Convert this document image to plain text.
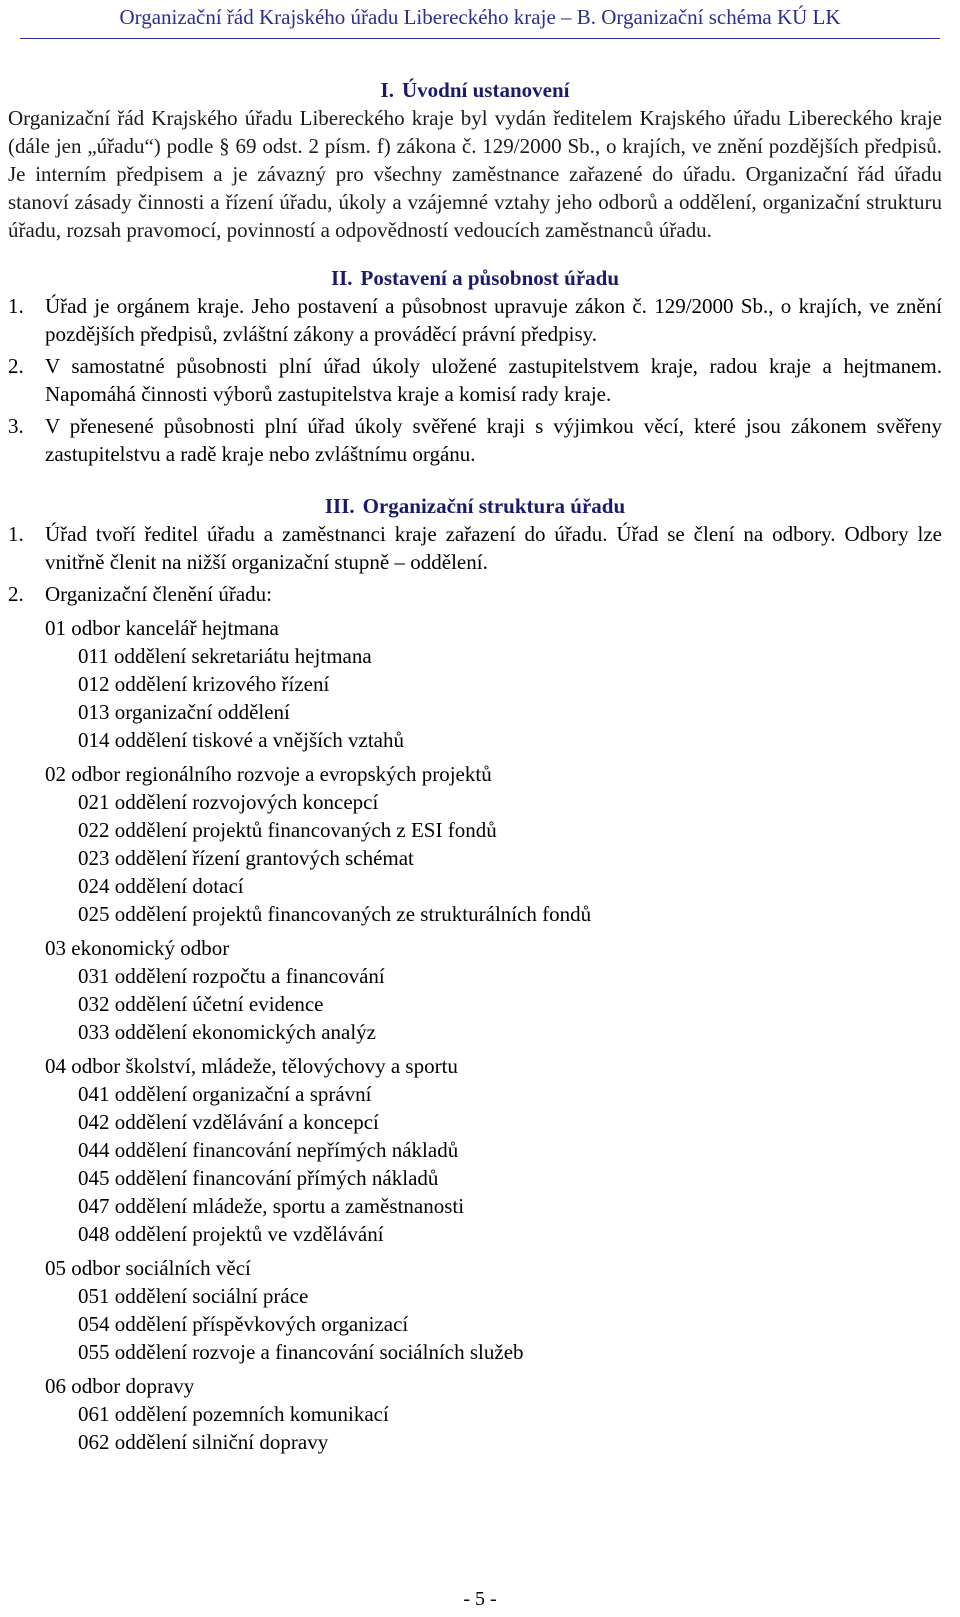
Organizační řád Krajského úřadu Libereckého kraje – B. Organizační schéma KÚ LK
I. Úvodní ustanovení

Organizační řád Krajského úřadu Libereckého kraje byl vydán ředitelem Krajského úřadu Libereckého kraje (dále jen „úřadu“) podle § 69 odst. 2 písm. f) zákona č. 129/2000 Sb., o krajích, ve znění pozdějších předpisů. Je interním předpisem a je závazný pro všechny zaměstnance zařazené do úřadu. Organizační řád úřadu stanoví zásady činnosti a řízení úřadu, úkoly a vzájemné vztahy jeho odborů a oddělení, organizační strukturu úřadu, rozsah pravomocí, povinností a odpovědností vedoucích zaměstnanců úřadu.

II. Postavení a působnost úřadu
1. Úřad je orgánem kraje. Jeho postavení a působnost upravuje zákon č. 129/2000 Sb., o krajích, ve znění pozdějších předpisů, zvláštní zákony a prováděcí právní předpisy.
2. V samostatné působnosti plní úřad úkoly uložené zastupitelstvem kraje, radou kraje a hejtmanem. Napomáhá činnosti výborů zastupitelstva kraje a komisí rady kraje.
3. V přenesené působnosti plní úřad úkoly svěřené kraji s výjimkou věcí, které jsou zákonem svěřeny zastupitelstvu a radě kraje nebo zvláštnímu orgánu.
III. Organizační struktura úřadu
1. Úřad tvoří ředitel úřadu a zaměstnanci kraje zařazení do úřadu. Úřad se člení na odbory. Odbory lze vnitřně členit na nižší organizační stupně – oddělení.
2. Organizační členění úřadu:
01 odbor kancelář hejtmana
011 oddělení sekretariátu hejtmana
012 oddělení krizového řízení
013 organizační oddělení
014 oddělení tiskové a vnějších vztahů
02 odbor regionálního rozvoje a evropských projektů
021 oddělení rozvojových koncepcí
022 oddělení projektů financovaných z ESI fondů
023 oddělení řízení grantových schémat
024 oddělení dotací
025 oddělení projektů financovaných ze strukturálních fondů
03 ekonomický odbor
031 oddělení rozpočtu a financování
032 oddělení účetní evidence
033 oddělení ekonomických analýz
04 odbor školství, mládeže, tělovýchovy a sportu
041 oddělení organizační a správní
042 oddělení vzdělávání a koncepcí
044 oddělení financování nepřímých nákladů
045 oddělení financování přímých nákladů
047 oddělení mládeže, sportu a zaměstnanosti
048 oddělení projektů ve vzdělávání
05 odbor sociálních věcí
051 oddělení sociální práce
054 oddělení příspěvkových organizací
055 oddělení rozvoje a financování sociálních služeb
06 odbor dopravy
061 oddělení pozemních komunikací
062 oddělení silniční dopravy
- 5 -
